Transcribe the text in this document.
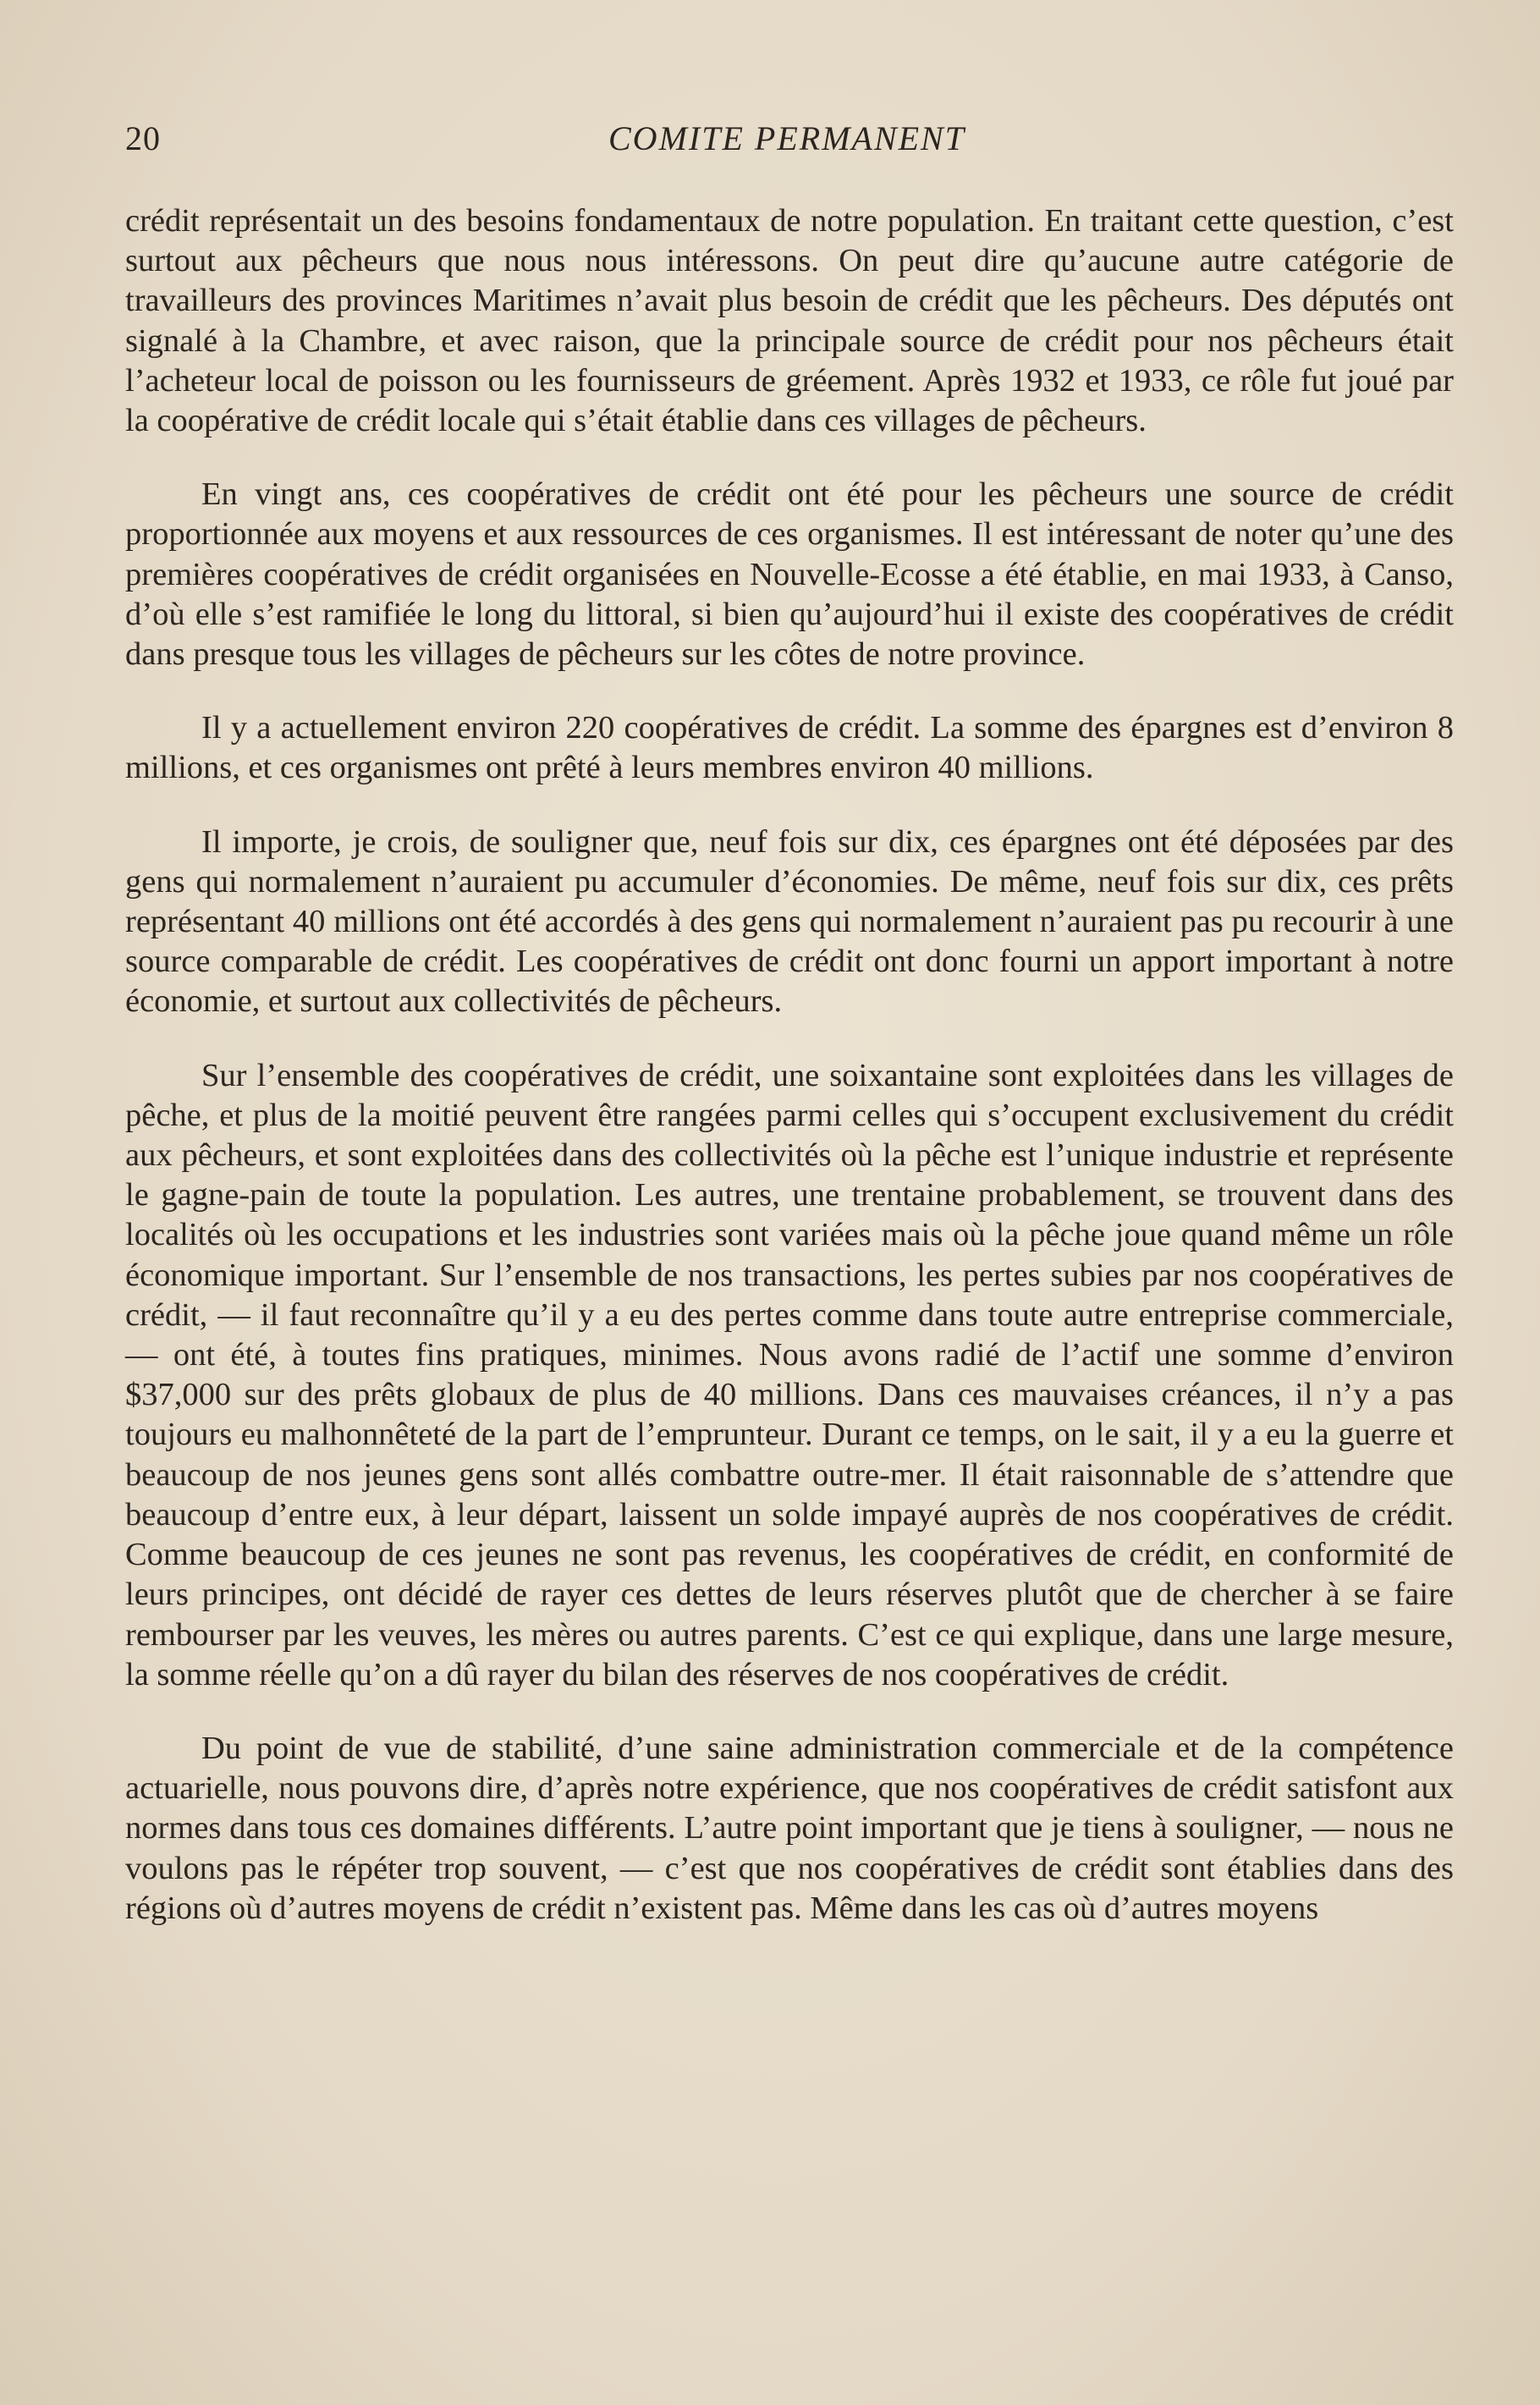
20	COMITE PERMANENT

crédit représentait un des besoins fondamentaux de notre population. En traitant cette question, c’est surtout aux pêcheurs que nous nous intéressons. On peut dire qu’aucune autre catégorie de travailleurs des provinces Maritimes n’avait plus besoin de crédit que les pêcheurs. Des députés ont signalé à la Chambre, et avec raison, que la principale source de crédit pour nos pêcheurs était l’acheteur local de poisson ou les fournisseurs de gréement. Après 1932 et 1933, ce rôle fut joué par la coopérative de crédit locale qui s’était établie dans ces villages de pêcheurs.

En vingt ans, ces coopératives de crédit ont été pour les pêcheurs une source de crédit proportionnée aux moyens et aux ressources de ces organismes. Il est intéressant de noter qu’une des premières coopératives de crédit organisées en Nouvelle-Ecosse a été établie, en mai 1933, à Canso, d’où elle s’est ramifiée le long du littoral, si bien qu’aujourd’hui il existe des coopératives de crédit dans presque tous les villages de pêcheurs sur les côtes de notre province.

Il y a actuellement environ 220 coopératives de crédit. La somme des épargnes est d’environ 8 millions, et ces organismes ont prêté à leurs membres environ 40 millions.

Il importe, je crois, de souligner que, neuf fois sur dix, ces épargnes ont été déposées par des gens qui normalement n’auraient pu accumuler d’économies. De même, neuf fois sur dix, ces prêts représentant 40 millions ont été accordés à des gens qui normalement n’auraient pas pu recourir à une source comparable de crédit. Les coopératives de crédit ont donc fourni un apport important à notre économie, et surtout aux collectivités de pêcheurs.

Sur l’ensemble des coopératives de crédit, une soixantaine sont exploitées dans les villages de pêche, et plus de la moitié peuvent être rangées parmi celles qui s’occupent exclusivement du crédit aux pêcheurs, et sont exploitées dans des collectivités où la pêche est l’unique industrie et représente le gagne-pain de toute la population. Les autres, une trentaine probablement, se trouvent dans des localités où les occupations et les industries sont variées mais où la pêche joue quand même un rôle économique important. Sur l’ensemble de nos transactions, les pertes subies par nos coopératives de crédit, — il faut reconnaître qu’il y a eu des pertes comme dans toute autre entreprise commerciale, — ont été, à toutes fins pratiques, minimes. Nous avons radié de l’actif une somme d’environ $37,000 sur des prêts globaux de plus de 40 millions. Dans ces mauvaises créances, il n’y a pas toujours eu malhonnêteté de la part de l’emprunteur. Durant ce temps, on le sait, il y a eu la guerre et beaucoup de nos jeunes gens sont allés combattre outre-mer. Il était raisonnable de s’attendre que beaucoup d’entre eux, à leur départ, laissent un solde impayé auprès de nos coopératives de crédit. Comme beaucoup de ces jeunes ne sont pas revenus, les coopératives de crédit, en conformité de leurs principes, ont décidé de rayer ces dettes de leurs réserves plutôt que de chercher à se faire rembourser par les veuves, les mères ou autres parents. C’est ce qui explique, dans une large mesure, la somme réelle qu’on a dû rayer du bilan des réserves de nos coopératives de crédit.

Du point de vue de stabilité, d’une saine administration commerciale et de la compétence actuarielle, nous pouvons dire, d’après notre expérience, que nos coopératives de crédit satisfont aux normes dans tous ces domaines différents. L’autre point important que je tiens à souligner, — nous ne voulons pas le répéter trop souvent, — c’est que nos coopératives de crédit sont établies dans des régions où d’autres moyens de crédit n’existent pas. Même dans les cas où d’autres moyens
